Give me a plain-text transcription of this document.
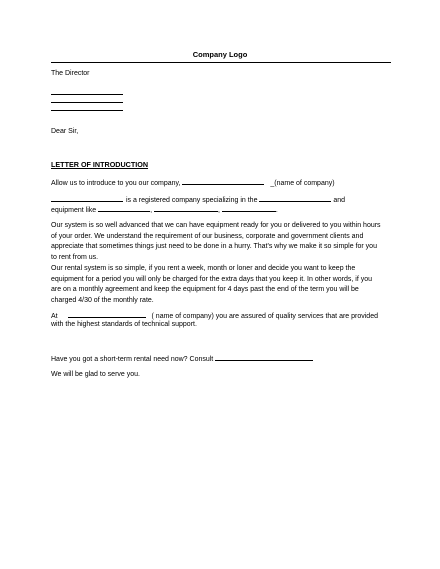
Company Logo
The Director
Dear Sir,
LETTER OF INTRODUCTION
Allow us to introduce to you our company,	_(name of company)
is a registered company specializing in the	and
equipment like	,	,	.
Our system is so well advanced that we can have equipment ready for you or delivered to you within hours of your order. We understand the requirement of our business, corporate and government clients and appreciate that sometimes things just need to be done in a hurry. That's why we make it so simple for you to rent from us.
Our rental system is so simple, if you rent a week, month or loner and decide you want to keep the equipment for a period you will only be charged for the extra days that you keep it. In other words, if you are on a monthly agreement and keep the equipment for 4 days past the end of the term you will be charged 4/30 of the monthly rate.
At	( name of company) you are assured of quality services that are provided
with the highest standards of technical support.
Have you got a short-term rental need now? Consult
We will be glad to serve you.
